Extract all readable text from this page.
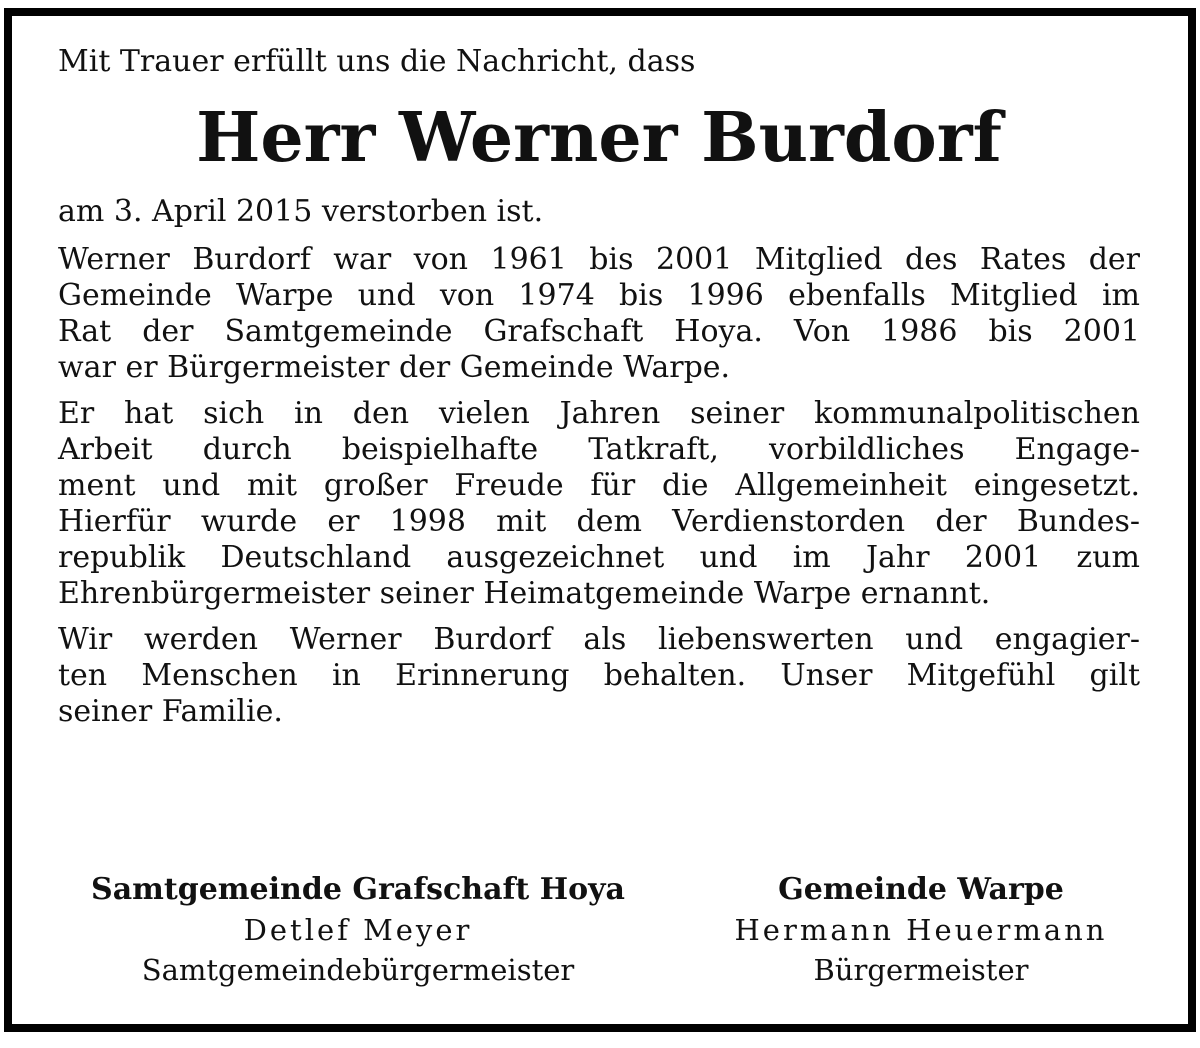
Mit Trauer erfüllt uns die Nachricht, dass

Herr Werner Burdorf

am 3. April 2015 verstorben ist.

Werner Burdorf war von 1961 bis 2001 Mitglied des Rates der
Gemeinde Warpe und von 1974 bis 1996 ebenfalls Mitglied im
Rat der Samtgemeinde Grafschaft Hoya. Von 1986 bis 2001
war er Bürgermeister der Gemeinde Warpe.
Er hat sich in den vielen Jahren seiner kommunalpolitischen
Arbeit durch beispielhafte Tatkraft, vorbildliches Engage-
ment und mit großer Freude für die Allgemeinheit eingesetzt.
Hierfür wurde er 1998 mit dem Verdienstorden der Bundes-
republik Deutschland ausgezeichnet und im Jahr 2001 zum
Ehrenbürgermeister seiner Heimatgemeinde Warpe ernannt.
Wir werden Werner Burdorf als liebenswerten und engagier-
ten Menschen in Erinnerung behalten. Unser Mitgefühl gilt
seiner Familie.
Samtgemeinde Grafschaft Hoya
Detlef Meyer
Samtgemeindebürgermeister
Gemeinde Warpe
Hermann Heuermann
Bürgermeister
